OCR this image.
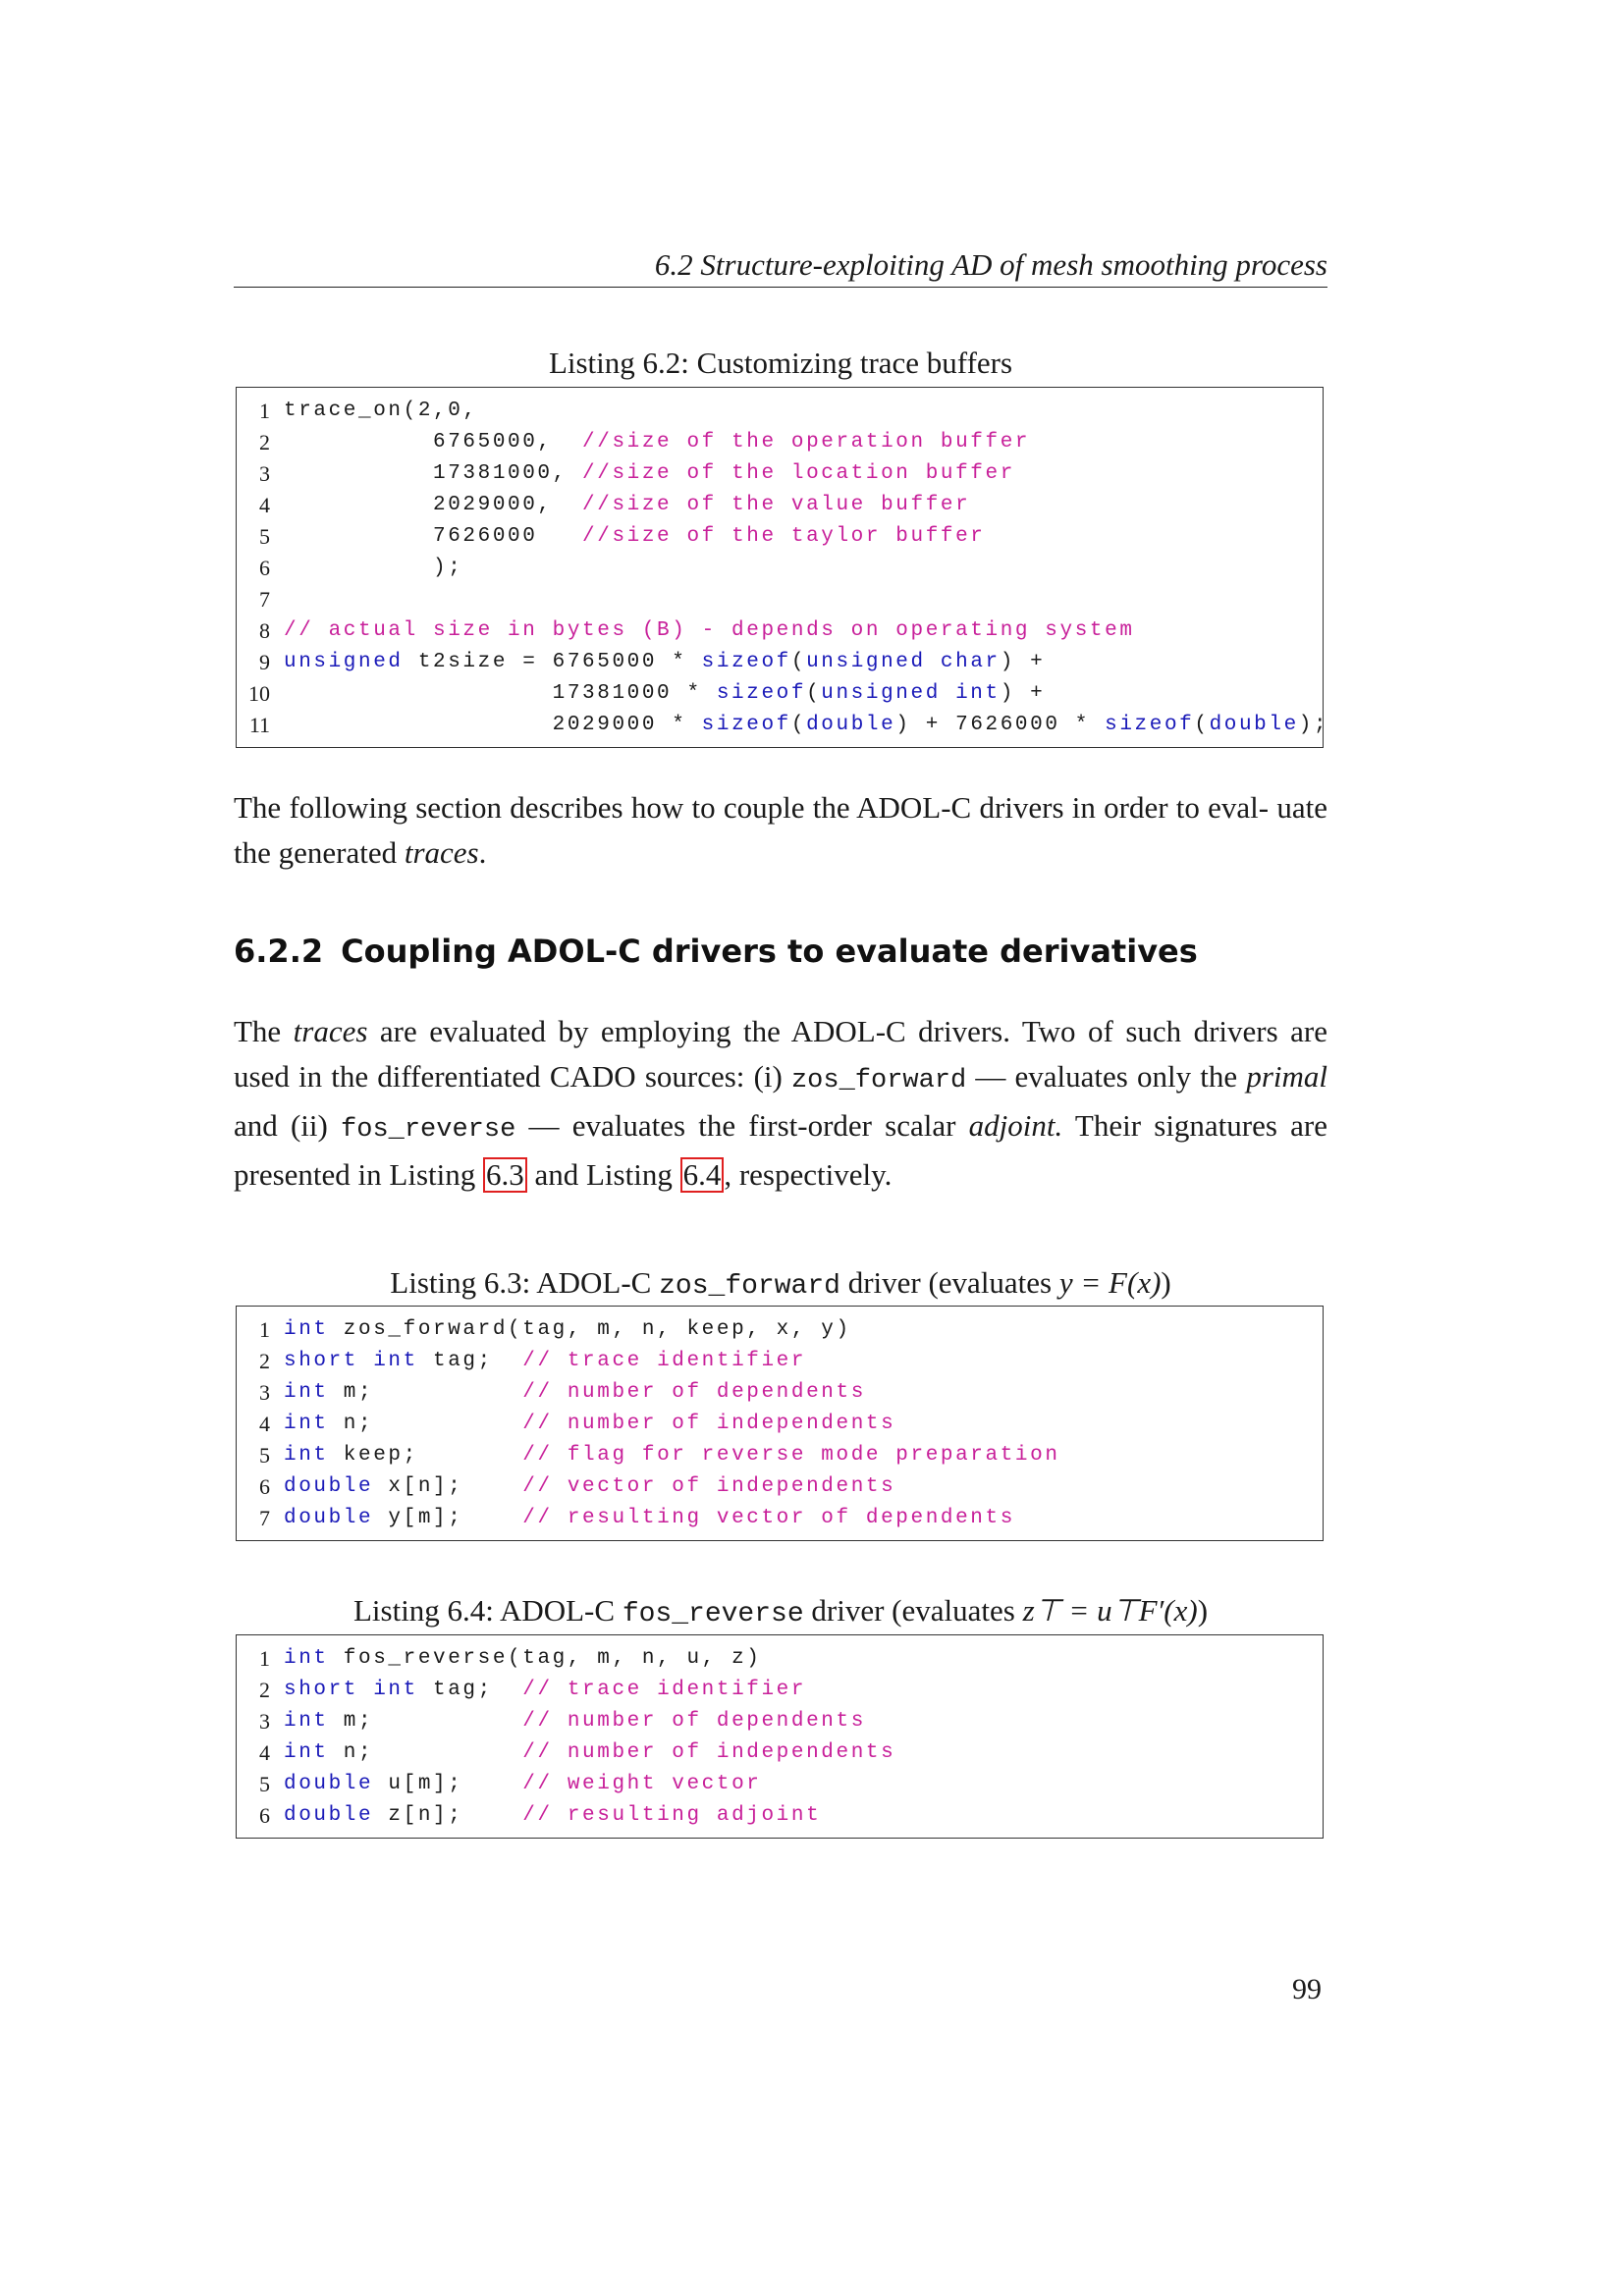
6.2 Structure-exploiting AD of mesh smoothing process
Listing 6.2: Customizing trace buffers
1 trace_on(2,0,
2 6765000,  //size of the operation buffer
3 17381000, //size of the location buffer
4 2029000,  //size of the value buffer
5 7626000   //size of the taylor buffer
6 );
7
8 // actual size in bytes (B) - depends on operating system
9 unsigned t2size = 6765000 * sizeof(unsigned char) +
10 17381000 * sizeof(unsigned int) +
11 2029000 * sizeof(double) + 7626000 * sizeof(double);
The following section describes how to couple the ADOL-C drivers in order to eval- uate the generated traces.
6.2.2 Coupling ADOL-C drivers to evaluate derivatives
The traces are evaluated by employing the ADOL-C drivers. Two of such drivers are used in the differentiated CADO sources: (i) zos_forward — evaluates only the primal and (ii) fos_reverse — evaluates the first-order scalar adjoint. Their signatures are presented in Listing 6.3 and Listing 6.4, respectively.
Listing 6.3: ADOL-C zos_forward driver (evaluates y = F(x))
1 int zos_forward(tag, m, n, keep, x, y)
2 short int tag;  // trace identifier
3 int m;          // number of dependents
4 int n;          // number of independents
5 int keep;       // flag for reverse mode preparation
6 double x[n];    // vector of independents
7 double y[m];    // resulting vector of dependents
Listing 6.4: ADOL-C fos_reverse driver (evaluates z⊤ = u⊤F′(x))
1 int fos_reverse(tag, m, n, u, z)
2 short int tag;  // trace identifier
3 int m;          // number of dependents
4 int n;          // number of independents
5 double u[m];    // weight vector
6 double z[n];    // resulting adjoint
99
